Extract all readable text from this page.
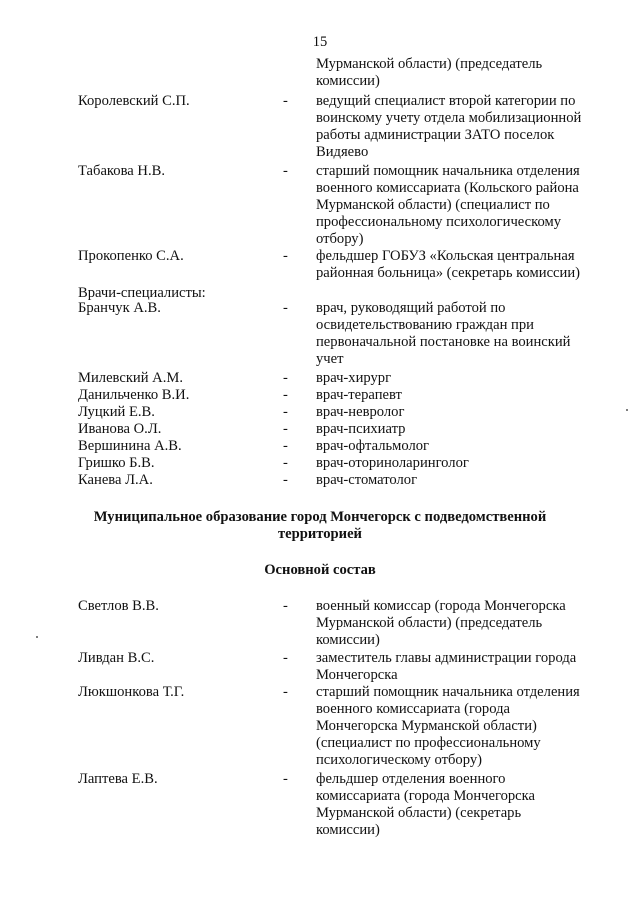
15
Мурманской области) (председатель
комиссии)
Королевский С.П.	- ведущий специалист второй категории по
воинскому учету отдела мобилизационной
работы администрации ЗАТО поселок
Видяево
Табакова Н.В.	- старший помощник начальника отделения
военного комиссариата (Кольского района
Мурманской области) (специалист по
профессиональному психологическому
отбору)
Прокопенко С.А.	- фельдшер ГОБУЗ «Кольская центральная
районная больница» (секретарь комиссии)
Врачи-специалисты:
Бранчук А.В.	- врач, руководящий работой по
освидетельствованию граждан при
первоначальной постановке на воинский
учет
Милевский А.М.	- врач-хирург
Данильченко В.И.	- врач-терапевт
Луцкий Е.В.	- врач-невролог
Иванова О.Л.	- врач-психиатр
Вершинина А.В.	- врач-офтальмолог
Гришко Б.В.	- врач-оториноларинголог
Канева Л.А.	- врач-стоматолог
Муниципальное образование город Мончегорск с подведомственной
территорией
Основной состав
Светлов В.В.	- военный комиссар (города Мончегорска
Мурманской области) (председатель
комиссии)
Ливдан В.С.	- заместитель главы администрации города
Мончегорска
Люкшонкова Т.Г.	- старший помощник начальника отделения
военного комиссариата (города
Мончегорска Мурманской области)
(специалист по профессиональному
психологическому отбору)
Лаптева Е.В.	- фельдшер отделения военного
комиссариата (города Мончегорска
Мурманской области) (секретарь
комиссии)
